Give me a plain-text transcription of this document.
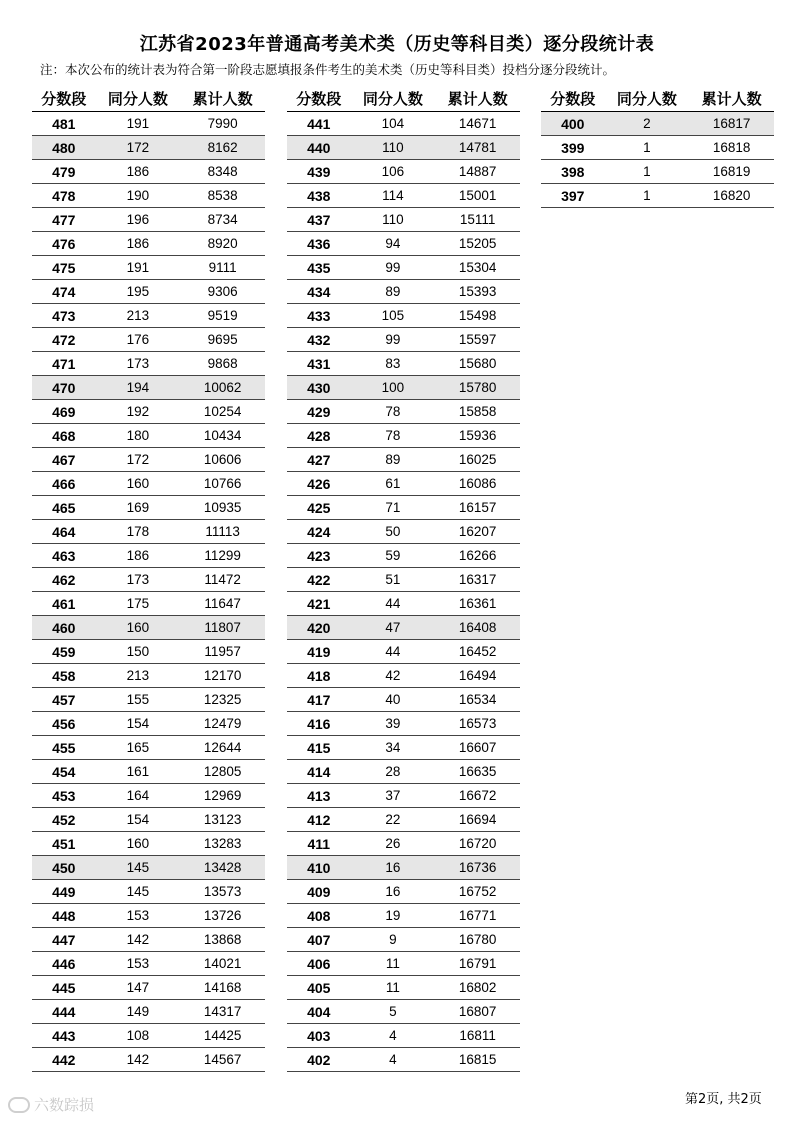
江苏省2023年普通高考美术类（历史等科目类）逐分段统计表

注：本次公布的统计表为符合第一阶段志愿填报条件考生的美术类（历史等科目类）投档分逐分段统计。

分数段	同分人数	累计人数
481	191	7990
480	172	8162
479	186	8348
478	190	8538
477	196	8734
476	186	8920
475	191	9111
474	195	9306
473	213	9519
472	176	9695
471	173	9868
470	194	10062
469	192	10254
468	180	10434
467	172	10606
466	160	10766
465	169	10935
464	178	11113
463	186	11299
462	173	11472
461	175	11647
460	160	11807
459	150	11957
458	213	12170
457	155	12325
456	154	12479
455	165	12644
454	161	12805
453	164	12969
452	154	13123
451	160	13283
450	145	13428
449	145	13573
448	153	13726
447	142	13868
446	153	14021
445	147	14168
444	149	14317
443	108	14425
442	142	14567
分数段	同分人数	累计人数
441	104	14671
440	110	14781
439	106	14887
438	114	15001
437	110	15111
436	94	15205
435	99	15304
434	89	15393
433	105	15498
432	99	15597
431	83	15680
430	100	15780
429	78	15858
428	78	15936
427	89	16025
426	61	16086
425	71	16157
424	50	16207
423	59	16266
422	51	16317
421	44	16361
420	47	16408
419	44	16452
418	42	16494
417	40	16534
416	39	16573
415	34	16607
414	28	16635
413	37	16672
412	22	16694
411	26	16720
410	16	16736
409	16	16752
408	19	16771
407	9	16780
406	11	16791
405	11	16802
404	5	16807
403	4	16811
402	4	16815
分数段	同分人数	累计人数
400	2	16817
399	1	16818
398	1	16819
397	1	16820

第2页, 共2页

六数踪损
